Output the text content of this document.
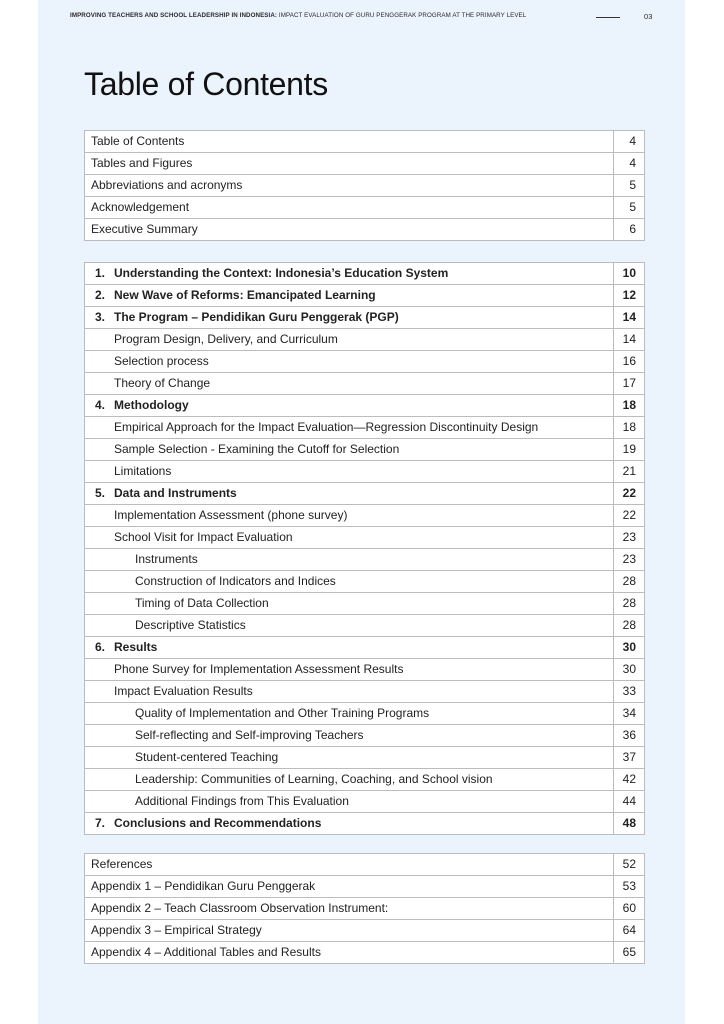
IMPROVING TEACHERS AND SCHOOL LEADERSHIP IN INDONESIA: IMPACT EVALUATION OF GURU PENGGERAK PROGRAM AT THE PRIMARY LEVEL	03
Table of Contents
Table of Contents	4
Tables and Figures	4
Abbreviations and acronyms	5
Acknowledgement	5
Executive Summary	6
1. Understanding the Context: Indonesia’s Education System	10
2. New Wave of Reforms: Emancipated Learning	12
3. The Program – Pendidikan Guru Penggerak (PGP)	14
Program Design, Delivery, and Curriculum	14
Selection process	16
Theory of Change	17
4. Methodology	18
Empirical Approach for the Impact Evaluation—Regression Discontinuity Design	18
Sample Selection - Examining the Cutoff for Selection	19
Limitations	21
5. Data and Instruments	22
Implementation Assessment (phone survey)	22
School Visit for Impact Evaluation	23
Instruments	23
Construction of Indicators and Indices	28
Timing of Data Collection	28
Descriptive Statistics	28
6. Results	30
Phone Survey for Implementation Assessment Results	30
Impact Evaluation Results	33
Quality of Implementation and Other Training Programs	34
Self-reflecting and Self-improving Teachers	36
Student-centered Teaching	37
Leadership: Communities of Learning, Coaching, and School vision	42
Additional Findings from This Evaluation	44
7. Conclusions and Recommendations	48
References	52
Appendix 1 – Pendidikan Guru Penggerak	53
Appendix 2 – Teach Classroom Observation Instrument:	60
Appendix 3 – Empirical Strategy	64
Appendix 4 – Additional Tables and Results	65
